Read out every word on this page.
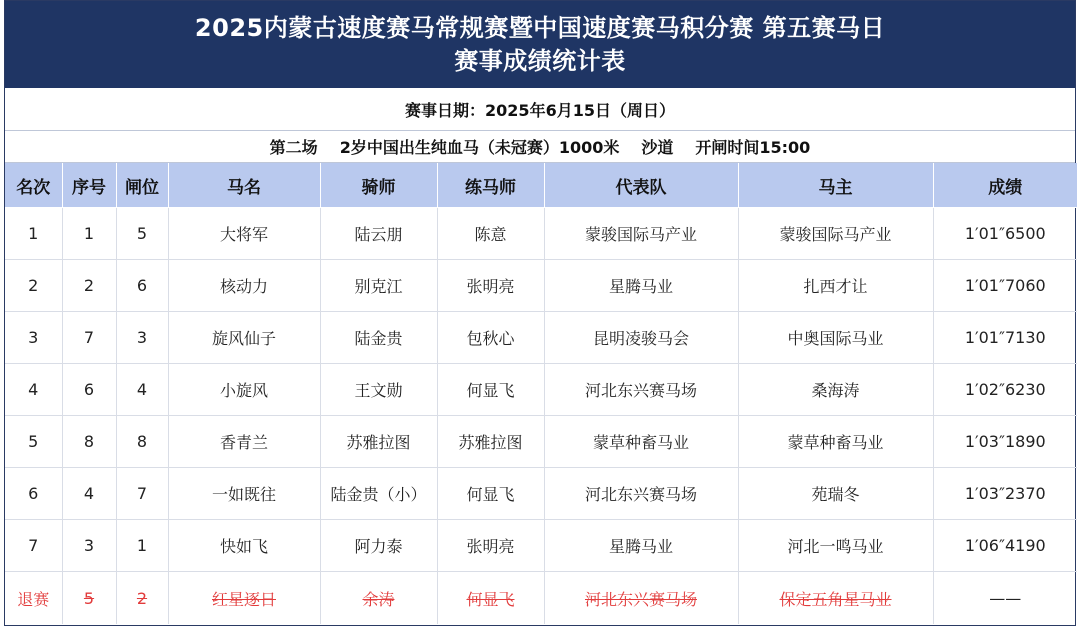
2025内蒙古速度赛马常规赛暨中国速度赛马积分赛 第五赛马日
赛事成绩统计表
赛事日期：2025年6月15日（周日）
第二场 2岁中国出生纯血马（未冠赛）1000米 沙道 开闸时间15:00
名次	序号	闸位	马名	骑师	练马师	代表队	马主	成绩
1	1	5	大将军	陆云朋	陈意	蒙骏国际马产业	蒙骏国际马产业	1′01″6500
2	2	6	核动力	别克江	张明亮	星腾马业	扎西才让	1′01″7060
3	7	3	旋风仙子	陆金贵	包秋心	昆明凌骏马会	中奥国际马业	1′01″7130
4	6	4	小旋风	王文勋	何显飞	河北东兴赛马场	桑海涛	1′02″6230
5	8	8	香青兰	苏雅拉图	苏雅拉图	蒙草种畜马业	蒙草种畜马业	1′03″1890
6	4	7	一如既往	陆金贵（小）	何显飞	河北东兴赛马场	苑瑞冬	1′03″2370
7	3	1	快如飞	阿力泰	张明亮	星腾马业	河北一鸣马业	1′06″4190
退赛	5	2	红星逐日	余涛	何显飞	河北东兴赛马场	保定五角星马业	——
